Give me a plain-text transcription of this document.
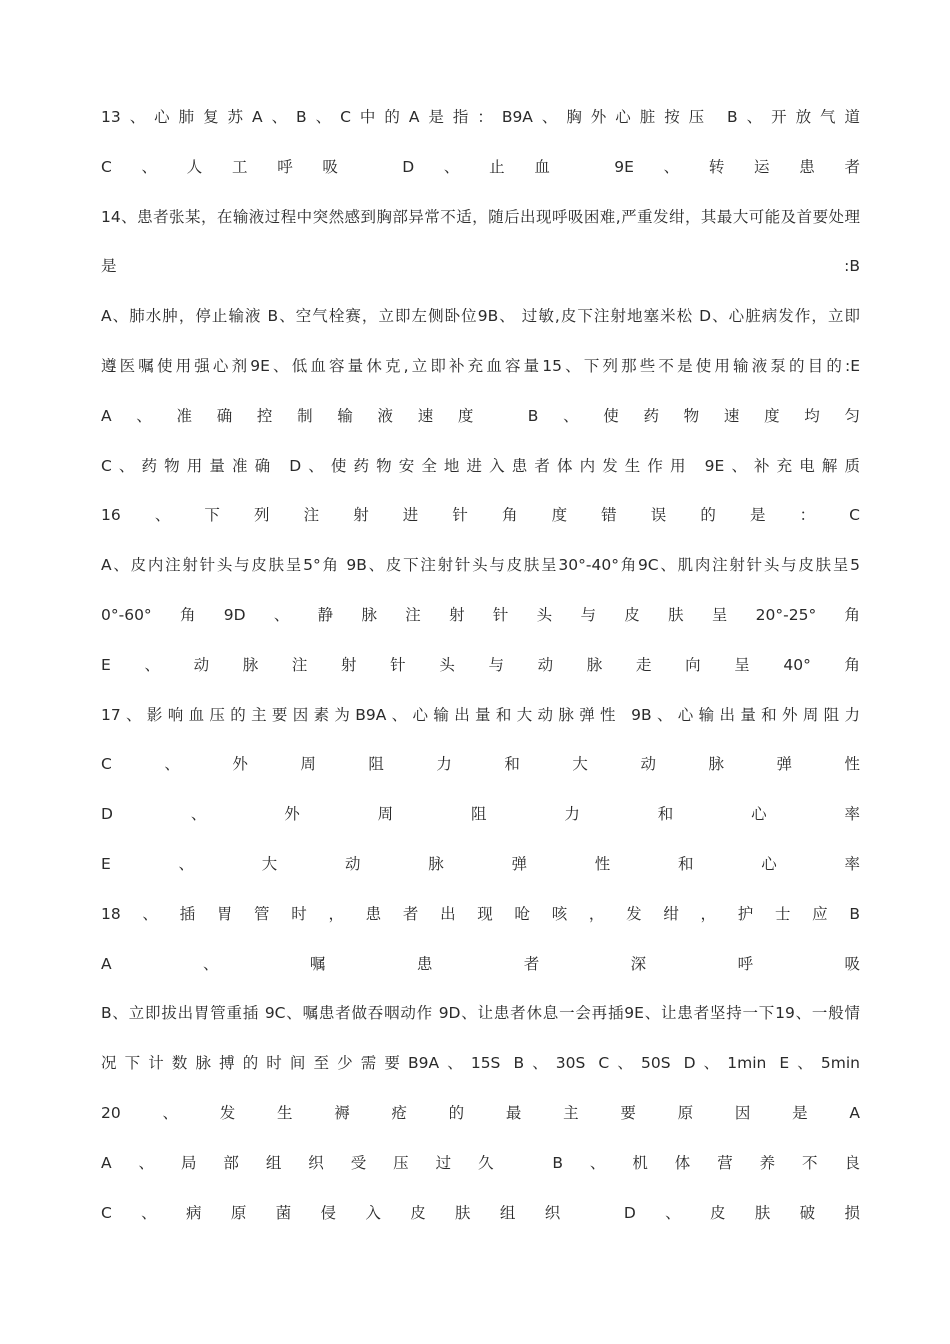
13、心肺复苏A、B、C中的A是指：B9A、胸外心脏按压 B、开放气道
C、人工呼吸 D、止血 9E、转运患者
14、患者张某，在输液过程中突然感到胸部异常不适，随后出现呼吸困难,严重发绀，其最大可能及首要处理
是 :B
A、肺水肿，停止输液 B、空气栓赛，立即左侧卧位9B、 过敏,皮下注射地塞米松 D、心脏病发作，立即
遵医嘱使用强心剂9E、低血容量休克,立即补充血容量15、下列那些不是使用输液泵的目的:E
A、准确控制输液速度 B、使药物速度均匀
C、药物用量准确 D、使药物安全地进入患者体内发生作用 9E、补充电解质
16、下列注射进针角度错误的是：C
A、皮内注射针头与皮肤呈5°角 9B、皮下注射针头与皮肤呈30°-40°角9C、肌肉注射针头与皮肤呈5
0°-60°角9D、静脉注射针头与皮肤呈20°-25°角
E、动脉注射针头与动脉走向呈40°角
17、影响血压的主要因素为B9A、心输出量和大动脉弹性 9B、心输出量和外周阻力
C、外周阻力和大动脉弹性
D、外周阻力和心率
E、大动脉弹性和心率
18、插胃管时，患者出现呛咳，发绀，护士应B
A、嘱患者深呼吸
B、立即拔出胃管重插 9C、嘱患者做吞咽动作 9D、让患者休息一会再插9E、让患者坚持一下19、一般情
况下计数脉搏的时间至少需要B9A、15S B、30S C、50S D、1min E、5min
20、发生褥疮的最主要原因是A
A、局部组织受压过久 B、机体营养不良
C、病原菌侵入皮肤组织 D、皮肤破损
